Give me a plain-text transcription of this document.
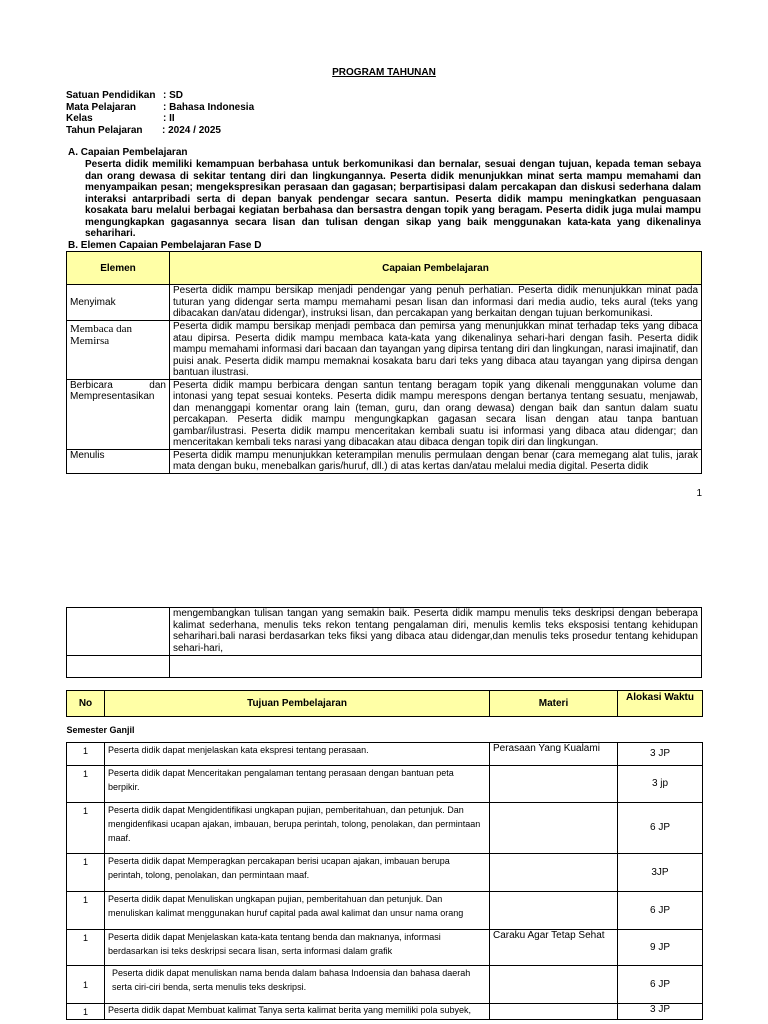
PROGRAM TAHUNAN
Satuan Pendidikan : SD
Mata Pelajaran	: Bahasa Indonesia
Kelas	: II
Tahun Pelajaran	: 2024 / 2025
A. Capaian Pembelajaran
Peserta didik memiliki kemampuan berbahasa untuk berkomunikasi dan bernalar, sesuai dengan tujuan, kepada teman sebaya dan orang dewasa di sekitar tentang diri dan lingkungannya. Peserta didik menunjukkan minat serta mampu memahami dan menyampaikan pesan; mengekspresikan perasaan dan gagasan; berpartisipasi dalam percakapan dan diskusi sederhana dalam interaksi antarpribadi serta di depan banyak pendengar secara santun. Peserta didik mampu meningkatkan penguasaan kosakata baru melalui berbagai kegiatan berbahasa dan bersastra dengan topik yang beragam. Peserta didik juga mulai mampu mengungkapkan gagasannya secara lisan dan tulisan dengan sikap yang baik menggunakan kata-kata yang dikenalinya seharihari.
B. Elemen Capaian Pembelajaran Fase D
Elemen	Capaian Pembelajaran
Menyimak	Peserta didik mampu bersikap menjadi pendengar yang penuh perhatian. Peserta didik menunjukkan minat pada tuturan yang didengar serta mampu memahami pesan lisan dan informasi dari media audio, teks aural (teks yang dibacakan dan/atau didengar), instruksi lisan, dan percakapan yang berkaitan dengan tujuan berkomunikasi.
Membaca dan Memirsa	Peserta didik mampu bersikap menjadi pembaca dan pemirsa yang menunjukkan minat terhadap teks yang dibaca atau dipirsa. Peserta didik mampu membaca kata-kata yang dikenalinya sehari-hari dengan fasih. Peserta didik mampu memahami informasi dari bacaan dan tayangan yang dipirsa tentang diri dan lingkungan, narasi imajinatif, dan puisi anak. Peserta didik mampu memaknai kosakata baru dari teks yang dibaca atau tayangan yang dipirsa dengan bantuan ilustrasi.
Berbicara dan Mempresentasikan	Peserta didik mampu berbicara dengan santun tentang beragam topik yang dikenali menggunakan volume dan intonasi yang tepat sesuai konteks. Peserta didik mampu merespons dengan bertanya tentang sesuatu, menjawab, dan menanggapi komentar orang lain (teman, guru, dan orang dewasa) dengan baik dan santun dalam suatu percakapan. Peserta didik mampu mengungkapkan gagasan secara lisan dengan atau tanpa bantuan gambar/ilustrasi. Peserta didik mampu menceritakan kembali suatu isi informasi yang dibaca atau didengar; dan menceritakan kembali teks narasi yang dibacakan atau dibaca dengan topik diri dan lingkungan.
Menulis	Peserta didik mampu menunjukkan keterampilan menulis permulaan dengan benar (cara memegang alat tulis, jarak mata dengan buku, menebalkan garis/huruf, dll.) di atas kertas dan/atau melalui media digital. Peserta didik
1
	mengembangkan tulisan tangan yang semakin baik. Peserta didik mampu menulis teks deskripsi dengan beberapa kalimat sederhana, menulis teks rekon tentang pengalaman diri, menulis kemlis teks eksposisi tentang kehidupan seharihari.bali narasi berdasarkan teks fiksi yang dibaca atau didengar,dan menulis teks prosedur tentang kehidupan sehari-hari,

No	Tujuan Pembelajaran	Materi	Alokasi Waktu
Semester Ganjil			
1	Peserta didik dapat menjelaskan kata ekspresi tentang perasaan.	Perasaan Yang Kualami	3 JP
1	Peserta didik dapat Menceritakan pengalaman tentang perasaan dengan bantuan peta berpikir.		3 jp
1	Peserta didik dapat Mengidentifikasi ungkapan pujian, pemberitahuan, dan petunjuk. Dan mengidenfikasi ucapan ajakan, imbauan, berupa perintah, tolong, penolakan, dan permintaan maaf.		6 JP
1	Peserta didik dapat Memperagkan percakapan berisi ucapan ajakan, imbauan berupa perintah, tolong, penolakan, dan permintaan maaf.		3JP
1	Peserta didik dapat Menuliskan ungkapan pujian, pemberitahuan dan petunjuk. Dan menuliskan kalimat menggunakan huruf capital pada awal kalimat dan unsur nama orang		6 JP
1	Peserta didik dapat Menjelaskan kata-kata tentang benda dan maknanya, informasi berdasarkan isi teks deskripsi secara lisan, serta informasi dalam grafik	Caraku Agar Tetap Sehat	9 JP
1	Peserta didik dapat menuliskan nama benda dalam bahasa Indoensia dan bahasa daerah serta ciri-ciri benda, serta menulis teks deskripsi.		6 JP
1	Peserta didik dapat Membuat kalimat Tanya serta kalimat berita yang memiliki pola subyek,		3 JP
